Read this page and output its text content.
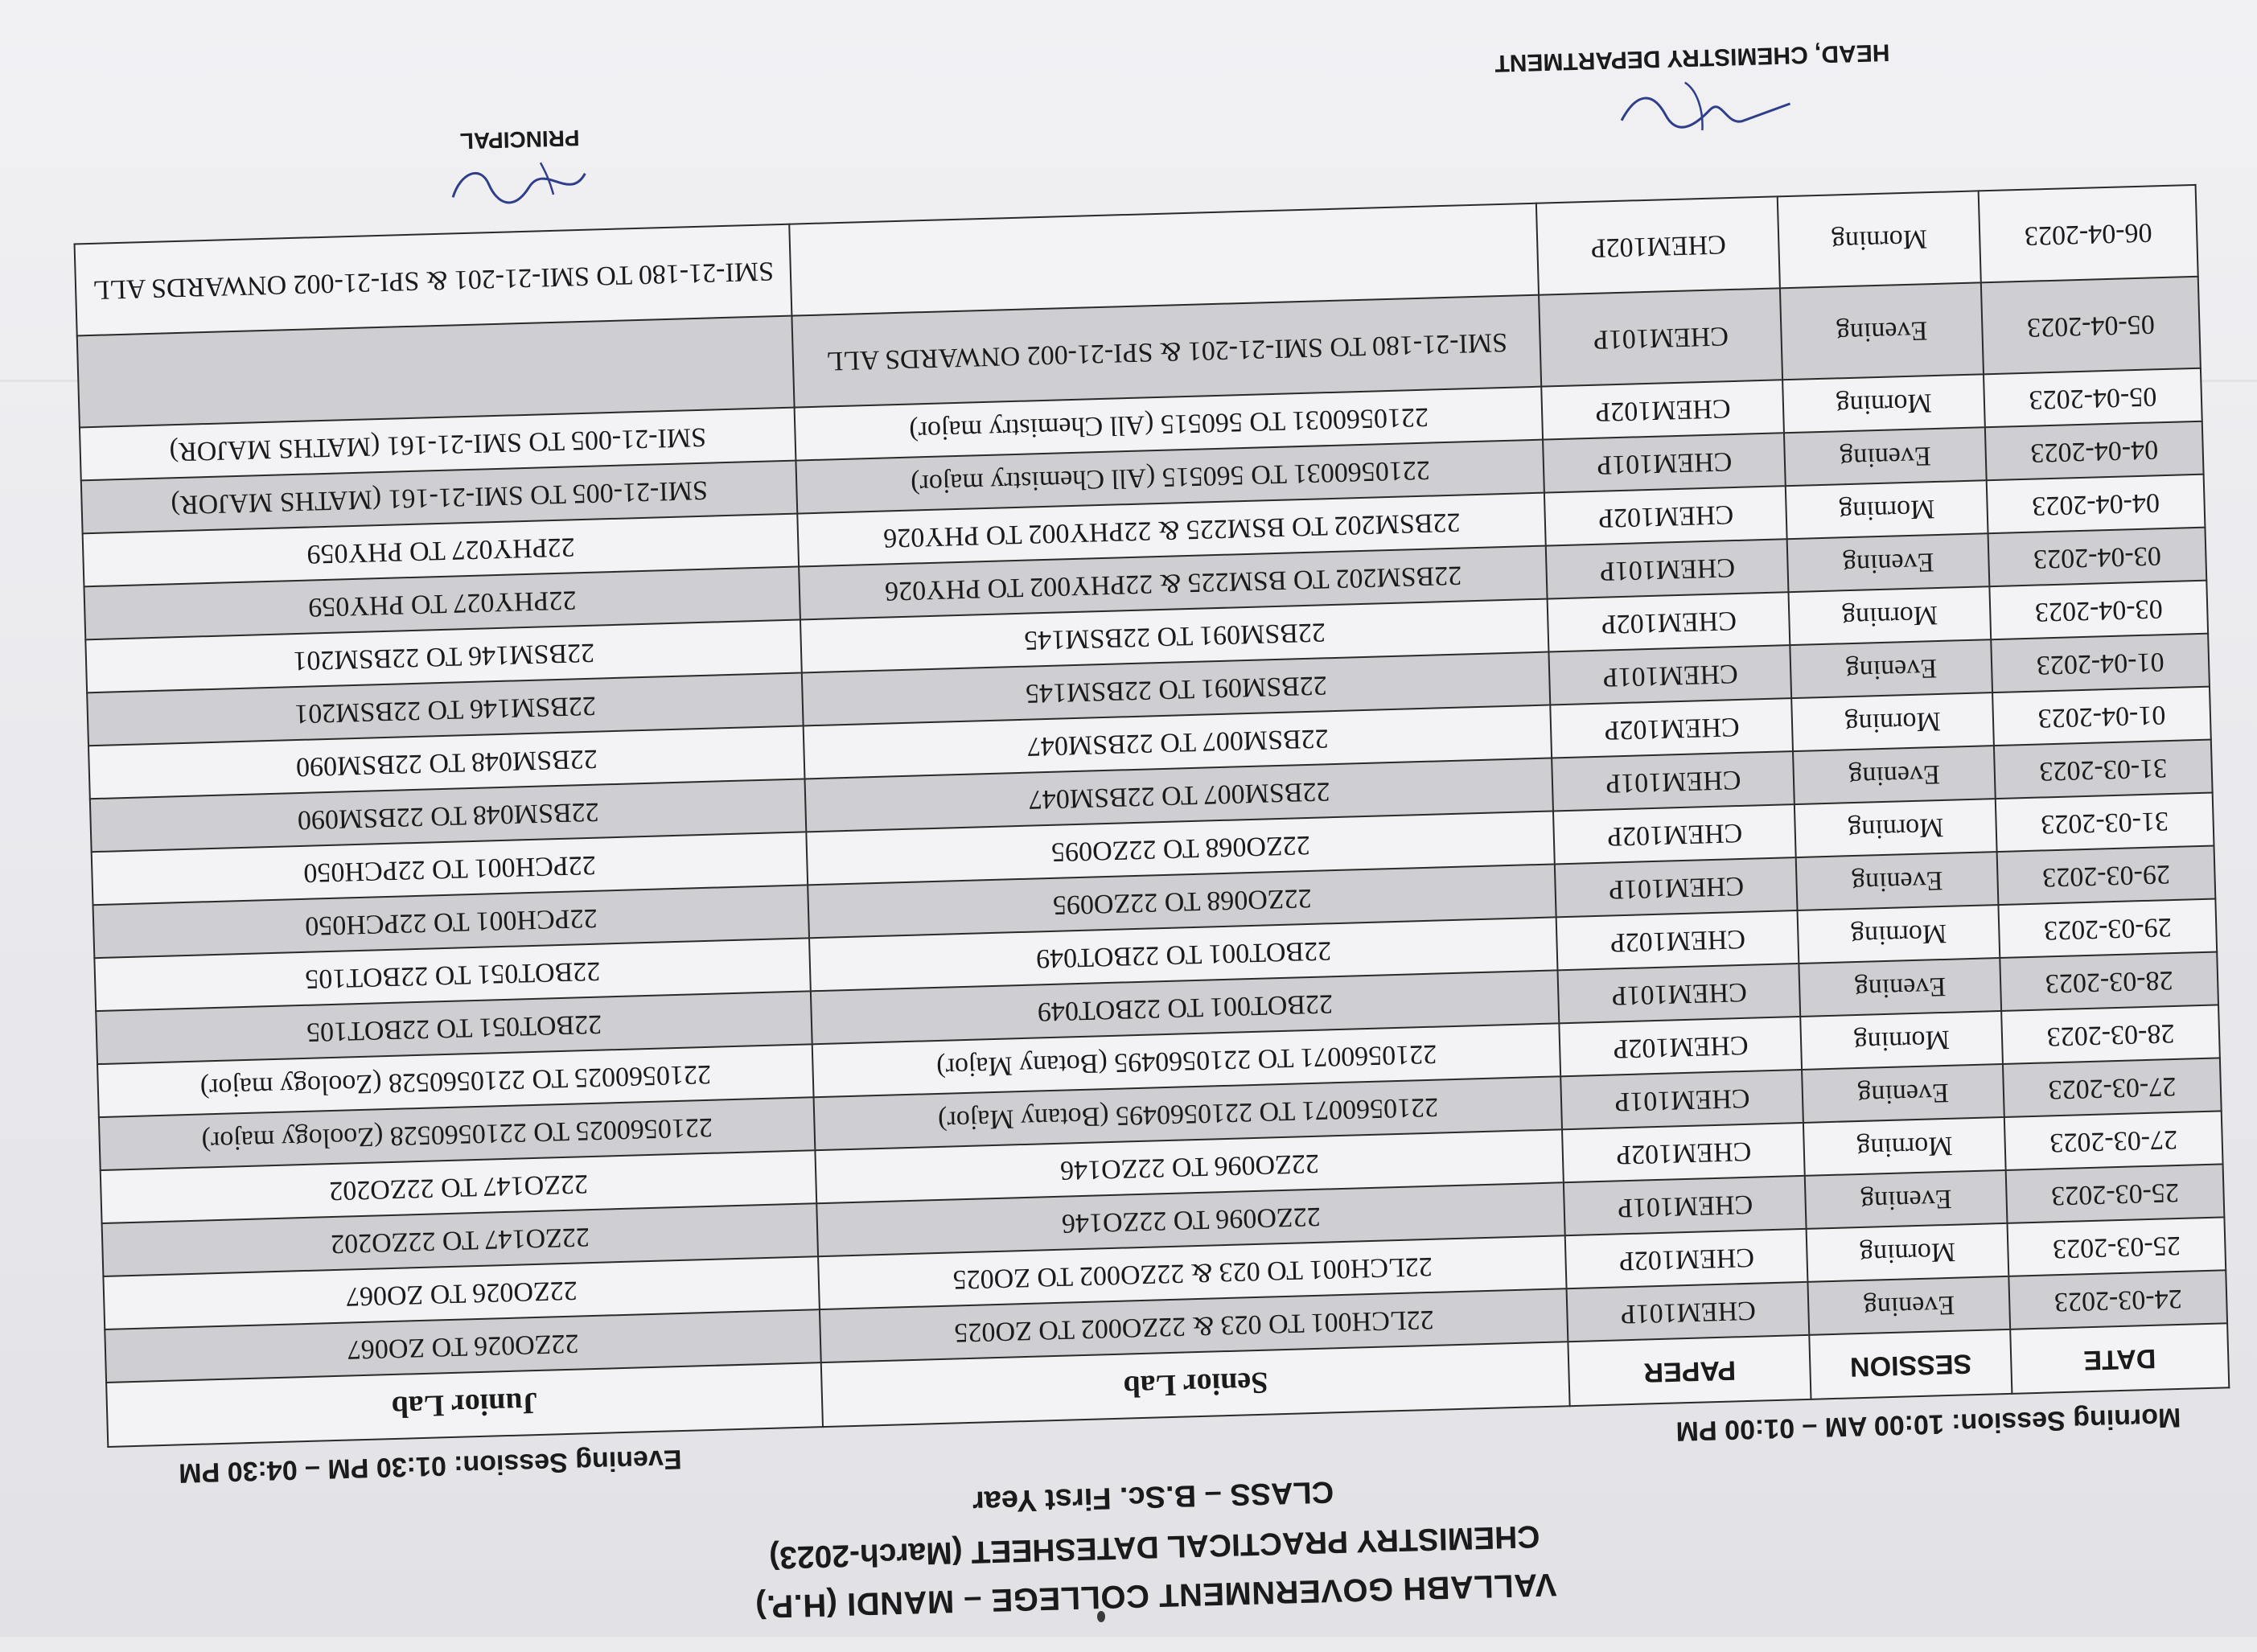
VALLABH GOVERNMENT COLLEGE – MANDI (H.P.)
CHEMISTRY PRACTICAL DATESHEET (March-2023)
CLASS – B.Sc. First Year
Morning Session: 10:00 AM – 01:00 PM
Evening Session: 01:30 PM – 04:30 PM
DATE	SESSION	PAPER	Senior Lab	Junior Lab
24-03-2023	Evening	CHEM101P	22LCH001 TO 023 & 22ZO002 TO ZO025	22ZO026 TO ZO067
25-03-2023	Morning	CHEM102P	22LCH001 TO 023 & 22ZO002 TO ZO025	22ZO026 TO ZO067
25-03-2023	Evening	CHEM101P	22ZO096 TO 22ZO146	22ZO147 TO 22ZO202
27-03-2023	Morning	CHEM102P	22ZO096 TO 22ZO146	22ZO147 TO 22ZO202
27-03-2023	Evening	CHEM101P	2210560071 TO 2210560495 (Botany Major)	2210560025 TO 2210560528 (Zoology major)
28-03-2023	Morning	CHEM102P	2210560071 TO 2210560495 (Botany Major)	2210560025 TO 2210560528 (Zoology major)
28-03-2023	Evening	CHEM101P	22BOT001 TO 22BOT049	22BOT051 TO 22BOT105
29-03-2023	Morning	CHEM102P	22BOT001 TO 22BOT049	22BOT051 TO 22BOT105
29-03-2023	Evening	CHEM101P	22ZO068 TO 22ZO095	22PCH001 TO 22PCH050
31-03-2023	Morning	CHEM102P	22ZO068 TO 22ZO095	22PCH001 TO 22PCH050
31-03-2023	Evening	CHEM101P	22BSM007 TO 22BSM047	22BSM048 TO 22BSM090
01-04-2023	Morning	CHEM102P	22BSM007 TO 22BSM047	22BSM048 TO 22BSM090
01-04-2023	Evening	CHEM101P	22BSM091 TO 22BSM145	22BSM146 TO 22BSM201
03-04-2023	Morning	CHEM102P	22BSM091 TO 22BSM145	22BSM146 TO 22BSM201
03-04-2023	Evening	CHEM101P	22BSM202 TO BSM225 & 22PHY002 TO PHY026	22PHY027 TO PHY059
04-04-2023	Morning	CHEM102P	22BSM202 TO BSM225 & 22PHY002 TO PHY026	22PHY027 TO PHY059
04-04-2023	Evening	CHEM101P	2210560031 TO 560515 (All Chemistry major)	SMI-21-005 TO SMI-21-161 (MATHS MAJOR)
05-04-2023	Morning	CHEM102P	2210560031 TO 560515 (All Chemistry major)	SMI-21-005 TO SMI-21-161 (MATHS MAJOR)
05-04-2023	Evening	CHEM101P	SMI-21-180 TO SMI-21-201 & SPI-21-002 ONWARDS ALL	
06-04-2023	Morning	CHEM102P		SMI-21-180 TO SMI-21-201 & SPI-21-002 ONWARDS ALL
PRINCIPAL
HEAD, CHEMISTRY DEPARTMENT
